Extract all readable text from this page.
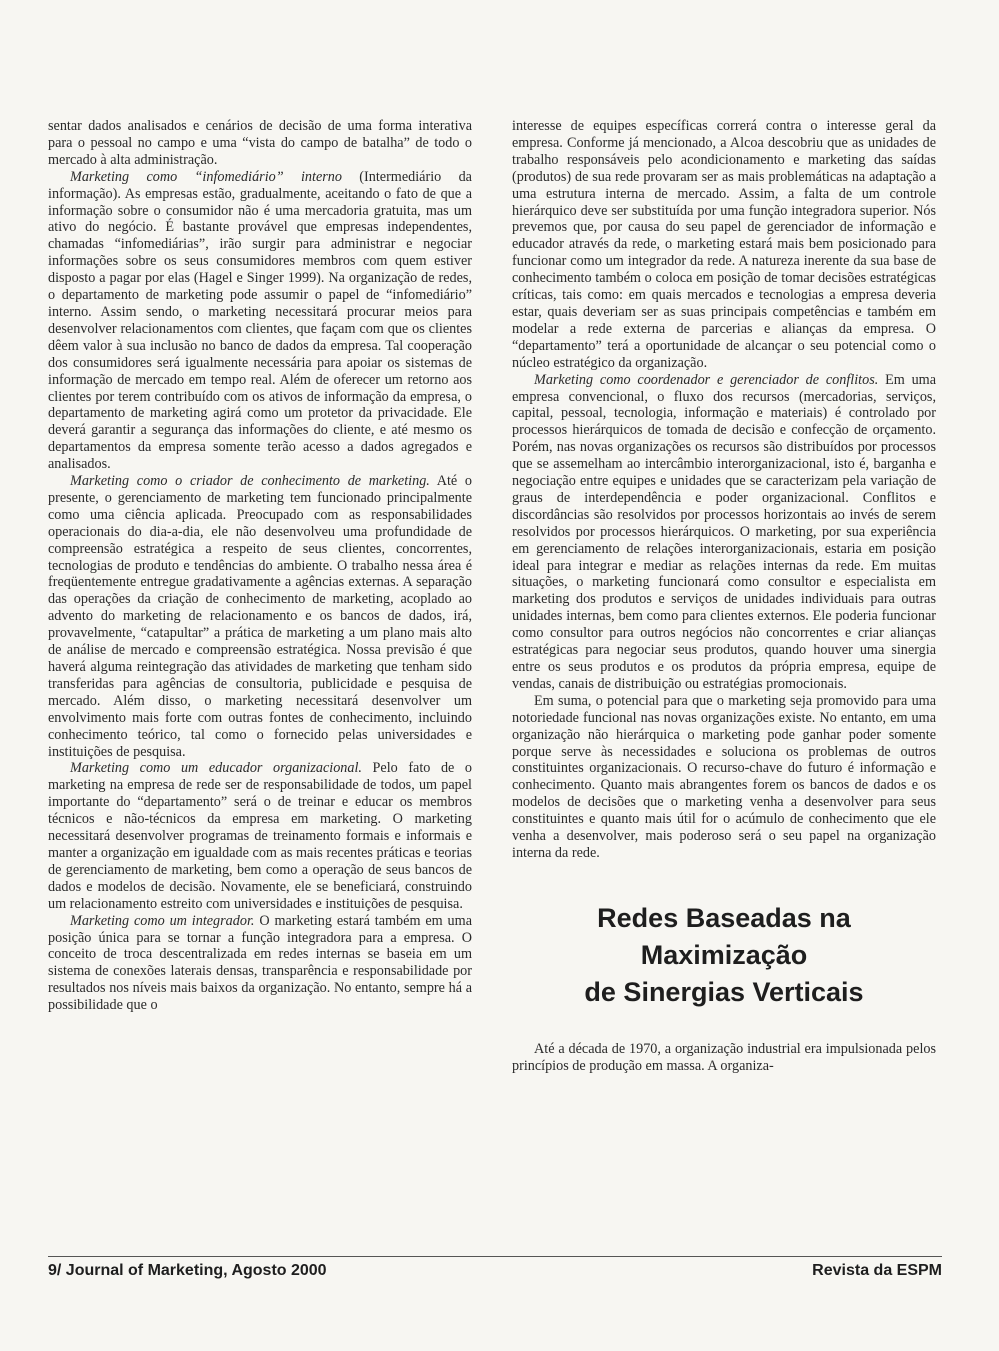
sentar dados analisados e cenários de decisão de uma forma interativa para o pessoal no campo e uma “vista do campo de batalha” de todo o mercado à alta administração.

Marketing como “infomediário” interno (Intermediário da informação). As empresas estão, gradualmente, aceitando o fato de que a informação sobre o consumidor não é uma mercadoria gratuita, mas um ativo do negócio. É bastante provável que empresas independentes, chamadas “infomediárias”, irão surgir para administrar e negociar informações sobre os seus consumidores membros com quem estiver disposto a pagar por elas (Hagel e Singer 1999). Na organização de redes, o departamento de marketing pode assumir o papel de “infomediário” interno. Assim sendo, o marketing necessitará procurar meios para desenvolver relacionamentos com clientes, que façam com que os clientes dêem valor à sua inclusão no banco de dados da empresa. Tal cooperação dos consumidores será igualmente necessária para apoiar os sistemas de informação de mercado em tempo real. Além de oferecer um retorno aos clientes por terem contribuído com os ativos de informação da empresa, o departamento de marketing agirá como um protetor da privacidade. Ele deverá garantir a segurança das informações do cliente, e até mesmo os departamentos da empresa somente terão acesso a dados agregados e analisados.

Marketing como o criador de conhecimento de marketing. Até o presente, o gerenciamento de marketing tem funcionado principalmente como uma ciência aplicada. Preocupado com as responsabilidades operacionais do dia-a-dia, ele não desenvolveu uma profundidade de compreensão estratégica a respeito de seus clientes, concorrentes, tecnologias de produto e tendências do ambiente. O trabalho nessa área é freqüentemente entregue gradativamente a agências externas. A separação das operações da criação de conhecimento de marketing, acoplado ao advento do marketing de relacionamento e os bancos de dados, irá, provavelmente, “catapultar” a prática de marketing a um plano mais alto de análise de mercado e compreensão estratégica. Nossa previsão é que haverá alguma reintegração das atividades de marketing que tenham sido transferidas para agências de consultoria, publicidade e pesquisa de mercado. Além disso, o marketing necessitará desenvolver um envolvimento mais forte com outras fontes de conhecimento, incluindo conhecimento teórico, tal como o fornecido pelas universidades e instituições de pesquisa.

Marketing como um educador organizacional. Pelo fato de o marketing na empresa de rede ser de responsabilidade de todos, um papel importante do “departamento” será o de treinar e educar os membros técnicos e não-técnicos da empresa em marketing. O marketing necessitará desenvolver programas de treinamento formais e informais e manter a organização em igualdade com as mais recentes práticas e teorias de gerenciamento de marketing, bem como a operação de seus bancos de dados e modelos de decisão. Novamente, ele se beneficiará, construindo um relacionamento estreito com universidades e instituições de pesquisa.

Marketing como um integrador. O marketing estará também em uma posição única para se tornar a função integradora para a empresa. O conceito de troca descentralizada em redes internas se baseia em um sistema de conexões laterais densas, transparência e responsabilidade por resultados nos níveis mais baixos da organização. No entanto, sempre há a possibilidade que o

interesse de equipes específicas correrá contra o interesse geral da empresa. Conforme já mencionado, a Alcoa descobriu que as unidades de trabalho responsáveis pelo acondicionamento e marketing das saídas (produtos) de sua rede provaram ser as mais problemáticas na adaptação a uma estrutura interna de mercado. Assim, a falta de um controle hierárquico deve ser substituída por uma função integradora superior. Nós prevemos que, por causa do seu papel de gerenciador de informação e educador através da rede, o marketing estará mais bem posicionado para funcionar como um integrador da rede. A natureza inerente da sua base de conhecimento também o coloca em posição de tomar decisões estratégicas críticas, tais como: em quais mercados e tecnologias a empresa deveria estar, quais deveriam ser as suas principais competências e também em modelar a rede externa de parcerias e alianças da empresa. O “departamento” terá a oportunidade de alcançar o seu potencial como o núcleo estratégico da organização.

Marketing como coordenador e gerenciador de conflitos. Em uma empresa convencional, o fluxo dos recursos (mercadorias, serviços, capital, pessoal, tecnologia, informação e materiais) é controlado por processos hierárquicos de tomada de decisão e confecção de orçamento. Porém, nas novas organizações os recursos são distribuídos por processos que se assemelham ao intercâmbio interorganizacional, isto é, barganha e negociação entre equipes e unidades que se caracterizam pela variação de graus de interdependência e poder organizacional. Conflitos e discordâncias são resolvidos por processos horizontais ao invés de serem resolvidos por processos hierárquicos. O marketing, por sua experiência em gerenciamento de relações interorganizacionais, estaria em posição ideal para integrar e mediar as relações internas da rede. Em muitas situações, o marketing funcionará como consultor e especialista em marketing dos produtos e serviços de unidades individuais para outras unidades internas, bem como para clientes externos. Ele poderia funcionar como consultor para outros negócios não concorrentes e criar alianças estratégicas para negociar seus produtos, quando houver uma sinergia entre os seus produtos e os produtos da própria empresa, equipe de vendas, canais de distribuição ou estratégias promocionais.

Em suma, o potencial para que o marketing seja promovido para uma notoriedade funcional nas novas organizações existe. No entanto, em uma organização não hierárquica o marketing pode ganhar poder somente porque serve às necessidades e soluciona os problemas de outros constituintes organizacionais. O recurso-chave do futuro é informação e conhecimento. Quanto mais abrangentes forem os bancos de dados e os modelos de decisões que o marketing venha a desenvolver para seus constituintes e quanto mais útil for o acúmulo de conhecimento que ele venha a desenvolver, mais poderoso será o seu papel na organização interna da rede.

Redes Baseadas na Maximização
de Sinergias Verticais

Até a década de 1970, a organização industrial era impulsionada pelos princípios de produção em massa. A organiza-

9/ Journal of Marketing, Agosto 2000	Revista da ESPM
